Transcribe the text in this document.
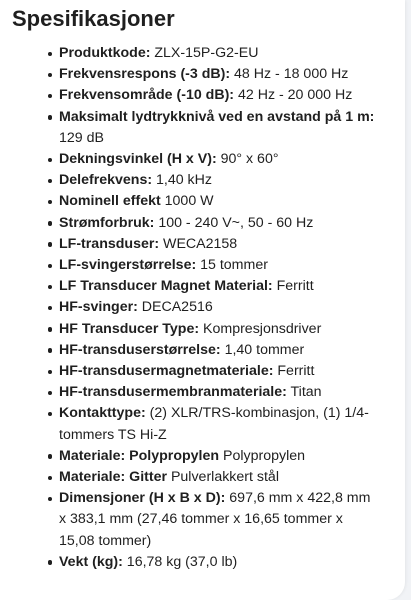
Spesifikasjoner
Produktkode: ZLX-15P-G2-EU
Frekvensrespons (-3 dB): 48 Hz - 18 000 Hz
Frekvensområde (-10 dB): 42 Hz - 20 000 Hz
Maksimalt lydtrykknivå ved en avstand på 1 m: 129 dB
Dekningsvinkel (H x V): 90° x 60°
Delefrekvens: 1,40 kHz
Nominell effekt 1000 W
Strømforbruk: 100 - 240 V~, 50 - 60 Hz
LF-transduser: WECA2158
LF-svingerstørrelse: 15 tommer
LF Transducer Magnet Material: Ferritt
HF-svinger: DECA2516
HF Transducer Type: Kompresjonsdriver
HF-transduserstørrelse: 1,40 tommer
HF-transdusermagnetmateriale: Ferritt
HF-transdusermembranmateriale: Titan
Kontakttype: (2) XLR/TRS-kombinasjon, (1) 1/4-tommers TS Hi-Z
Materiale: Polypropylen Polypropylen
Materiale: Gitter Pulverlakkert stål
Dimensjoner (H x B x D): 697,6 mm x 422,8 mm x 383,1 mm (27,46 tommer x 16,65 tommer x 15,08 tommer)
Vekt (kg): 16,78 kg (37,0 lb)
